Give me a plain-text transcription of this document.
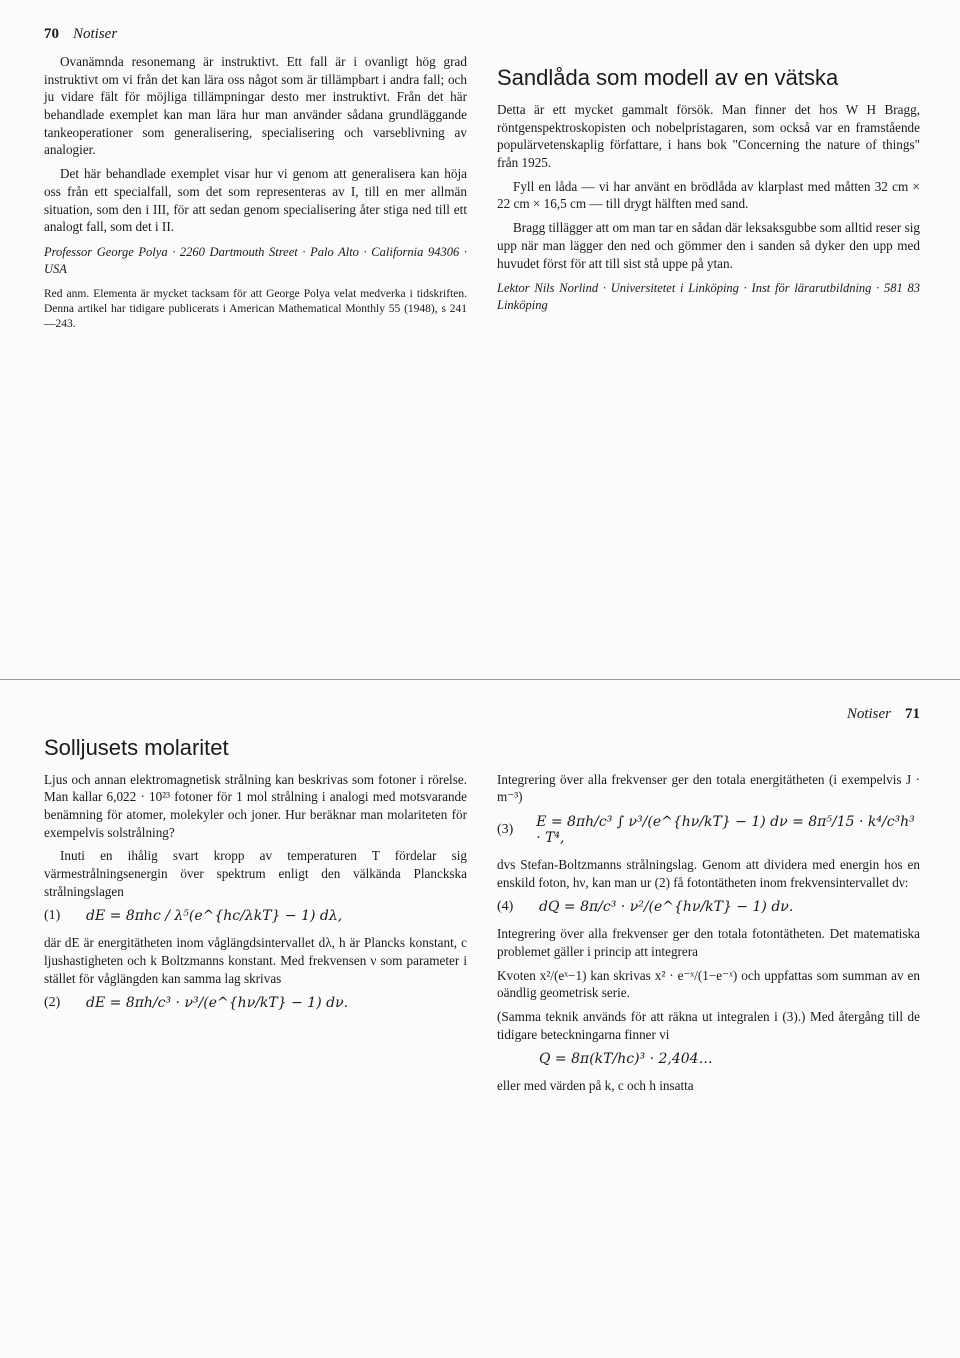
70 Notiser

Ovanämnda resonemang är instruktivt. Ett fall är i ovanligt hög grad instruktivt om vi från det kan lära oss något som är tillämpbart i andra fall; och ju vidare fält för möjliga tillämpningar desto mer instruktivt. Från det här behandlade exemplet kan man lära hur man använder sådana grundläggande tankeoperationer som generalisering, specialisering och varseblivning av analogier.

Det här behandlade exemplet visar hur vi genom att generalisera kan höja oss från ett specialfall, som det som representeras av I, till en mer allmän situation, som den i III, för att sedan genom specialisering åter stiga ned till ett analogt fall, som det i II.

Professor George Polya · 2260 Dartmouth Street · Palo Alto · California 94306 · USA

Red anm. Elementa är mycket tacksam för att George Polya velat medverka i tidskriften. Denna artikel har tidigare publicerats i American Mathematical Monthly 55 (1948), s 241—243.

Sandlåda som modell av en vätska

Detta är ett mycket gammalt försök. Man finner det hos W H Bragg, röntgenspektroskopisten och nobelpristagaren, som också var en framstående populärvetenskaplig författare, i hans bok "Concerning the nature of things" från 1925.

Fyll en låda — vi har använt en brödlåda av klarplast med måtten 32 cm × 22 cm × 16,5 cm — till drygt hälften med sand.

Bragg tillägger att om man tar en sådan där leksaksgubbe som alltid reser sig upp när man lägger den ned och gömmer den i sanden så dyker den upp med huvudet först för att till sist stå uppe på ytan.

Lektor Nils Norlind · Universitetet i Linköping · Inst för lärarutbildning · 581 83 Linköping

Notiser 71
Solljusets molaritet

Ljus och annan elektromagnetisk strålning kan beskrivas som fotoner i rörelse. Man kallar 6,022 · 10²³ fotoner för 1 mol strålning i analogi med motsvarande benämning för atomer, molekyler och joner. Hur beräknar man molariteten för exempelvis solstrålning?

Inuti en ihålig svart kropp av temperaturen T fördelar sig värmestrålningsenergin över spektrum enligt den välkända Planckska strålningslagen

(1)	dE = 8πhc / λ⁵(e^{hc/λkT} − 1) dλ,

där dE är energitätheten inom våglängdsintervallet dλ, h är Plancks konstant, c ljushastigheten och k Boltzmanns konstant. Med frekvensen ν som parameter i stället för våglängden kan samma lag skrivas

(2)	dE = 8πh/c³ · ν³/(e^{hν/kT} − 1) dν.

Integrering över alla frekvenser ger den totala energitätheten (i exempelvis J · m⁻³)

(3)	E = 8πh/c³ ∫ ν³/(e^{hν/kT} − 1) dν = 8π⁵/15 · k⁴/c³h³ · T⁴,

dvs Stefan-Boltzmanns strålningslag. Genom att dividera med energin hos en enskild foton, hν, kan man ur (2) få fotontätheten inom frekvensintervallet dν:

(4)	dQ = 8π/c³ · ν²/(e^{hν/kT} − 1) dν.

Integrering över alla frekvenser ger den totala fotontätheten. Det matematiska problemet gäller i princip att integrera

Kvoten x²/(eˣ−1) kan skrivas x² · e⁻ˣ/(1−e⁻ˣ) och uppfattas som summan av en oändlig geometrisk serie.

(Samma teknik används för att räkna ut integralen i (3).) Med återgång till de tidigare beteckningarna finner vi

Q = 8π(kT/hc)³ · 2,404…

eller med värden på k, c och h insatta
